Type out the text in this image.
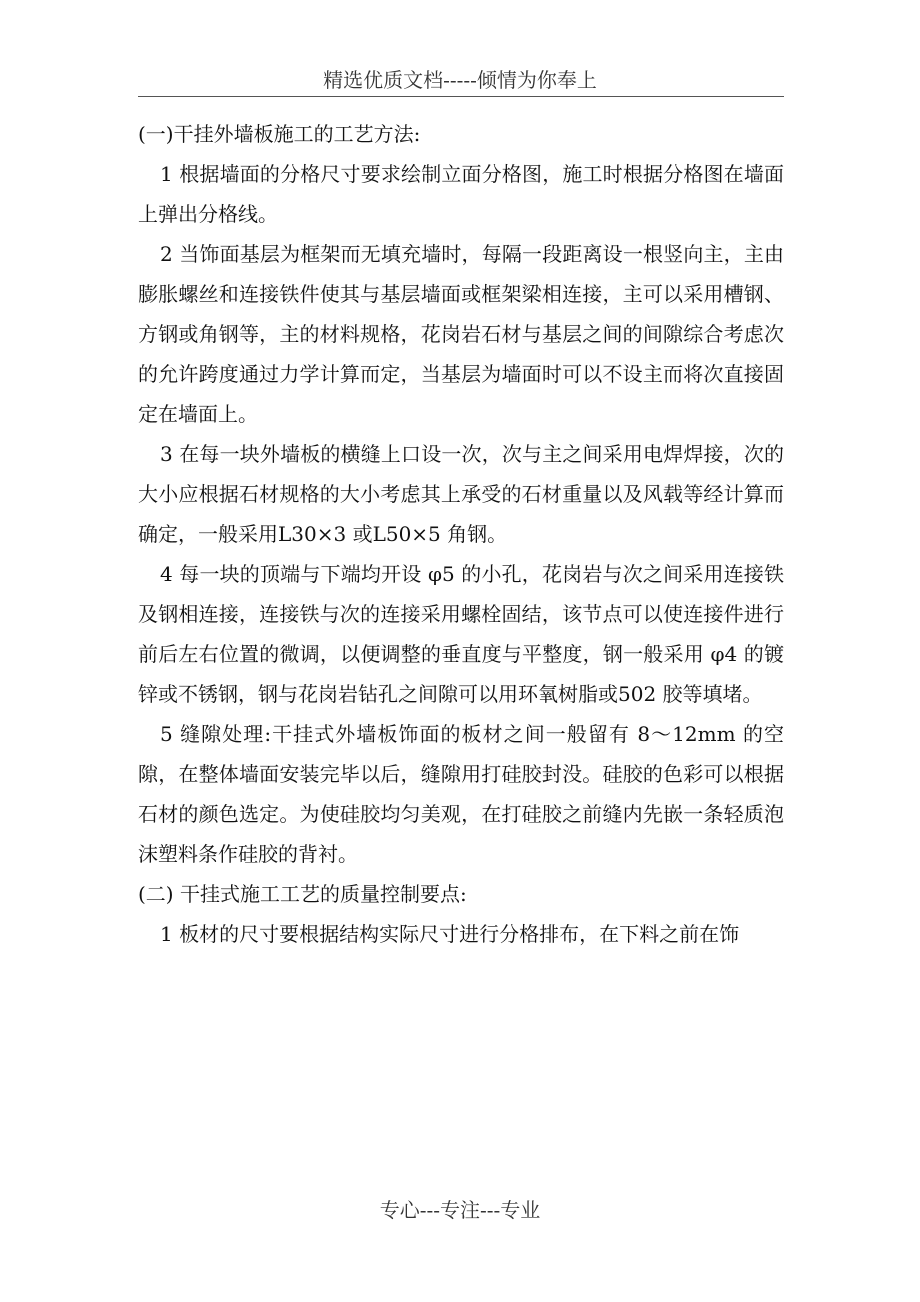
精选优质文档-----倾情为你奉上

(一)干挂外墙板施工的工艺方法:

1 根据墙面的分格尺寸要求绘制立面分格图，施工时根据分格图在墙面上弹出分格线。

2 当饰面基层为框架而无填充墙时，每隔一段距离设一根竖向主，主由膨胀螺丝和连接铁件使其与基层墙面或框架梁相连接，主可以采用槽钢、方钢或角钢等，主的材料规格，花岗岩石材与基层之间的间隙综合考虑次的允许跨度通过力学计算而定，当基层为墙面时可以不设主而将次直接固定在墙面上。

3 在每一块外墙板的横缝上口设一次，次与主之间采用电焊焊接，次的大小应根据石材规格的大小考虑其上承受的石材重量以及风载等经计算而确定，一般采用L30×3 或L50×5 角钢。

4 每一块的顶端与下端均开设 φ5 的小孔，花岗岩与次之间采用连接铁及钢相连接，连接铁与次的连接采用螺栓固结，该节点可以使连接件进行前后左右位置的微调，以便调整的垂直度与平整度，钢一般采用 φ4 的镀锌或不锈钢，钢与花岗岩钻孔之间隙可以用环氧树脂或502 胶等填堵。

5 缝隙处理:干挂式外墙板饰面的板材之间一般留有 8～12mm 的空隙，在整体墙面安装完毕以后，缝隙用打硅胶封没。硅胶的色彩可以根据石材的颜色选定。为使硅胶均匀美观，在打硅胶之前缝内先嵌一条轻质泡沫塑料条作硅胶的背衬。

(二) 干挂式施工工艺的质量控制要点:

1 板材的尺寸要根据结构实际尺寸进行分格排布，在下料之前在饰

专心---专注---专业
